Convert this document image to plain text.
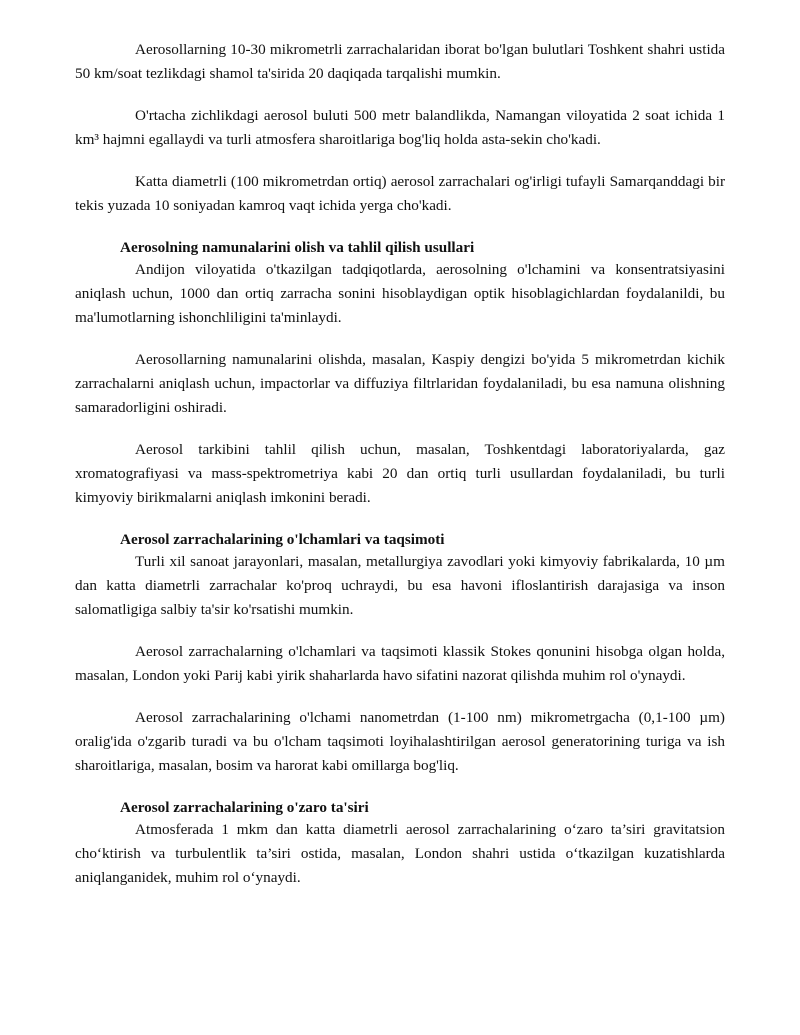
Aerosollarning 10-30 mikrometrli zarrachalaridan iborat bo'lgan bulutlari Toshkent shahri ustida 50 km/soat tezlikdagi shamol ta'sirida 20 daqiqada tarqalishi mumkin.

O'rtacha zichlikdagi aerosol buluti 500 metr balandlikda, Namangan viloyatida 2 soat ichida 1 km³ hajmni egallaydi va turli atmosfera sharoitlariga bog'liq holda asta-sekin cho'kadi.

Katta diametrli (100 mikrometrdan ortiq) aerosol zarrachalari og'irligi tufayli Samarqanddagi bir tekis yuzada 10 soniyadan kamroq vaqt ichida yerga cho'kadi.

Aerosolning namunalarini olish va tahlil qilish usullari

Andijon viloyatida o'tkazilgan tadqiqotlarda, aerosolning o'lchamini va konsentratsiyasini aniqlash uchun, 1000 dan ortiq zarracha sonini hisoblaydigan optik hisoblagichlardan foydalanildi, bu ma'lumotlarning ishonchliligini ta'minlaydi.

Aerosollarning namunalarini olishda, masalan, Kaspiy dengizi bo'yida 5 mikrometrdan kichik zarrachalarni aniqlash uchun, impactorlar va diffuziya filtrlaridan foydalaniladi, bu esa namuna olishning samaradorligini oshiradi.

Aerosol tarkibini tahlil qilish uchun, masalan, Toshkentdagi laboratoriyalarda, gaz xromatografiyasi va mass-spektrometriya kabi 20 dan ortiq turli usullardan foydalaniladi, bu turli kimyoviy birikmalarni aniqlash imkonini beradi.

Aerosol zarrachalarining o'lchamlari va taqsimoti

Turli xil sanoat jarayonlari, masalan, metallurgiya zavodlari yoki kimyoviy fabrikalarda, 10 µm dan katta diametrli zarrachalar ko'proq uchraydi, bu esa havoni ifloslantirish darajasiga va inson salomatligiga salbiy ta'sir ko'rsatishi mumkin.

Aerosol zarrachalarning o'lchamlari va taqsimoti klassik Stokes qonunini hisobga olgan holda, masalan, London yoki Parij kabi yirik shaharlarda havo sifatini nazorat qilishda muhim rol o'ynaydi.

Aerosol zarrachalarining o'lchami nanometrdan (1-100 nm) mikrometrgacha (0,1-100 µm) oralig'ida o'zgarib turadi va bu o'lcham taqsimoti loyihalashtirilgan aerosol generatorining turiga va ish sharoitlariga, masalan, bosim va harorat kabi omillarga bog'liq.

Aerosol zarrachalarining o'zaro ta'siri

Atmosferada 1 mkm dan katta diametrli aerosol zarrachalarining o‘zaro ta’siri gravitatsion cho‘ktirish va turbulentlik ta’siri ostida, masalan, London shahri ustida o‘tkazilgan kuzatishlarda aniqlanganidek, muhim rol o‘ynaydi.
